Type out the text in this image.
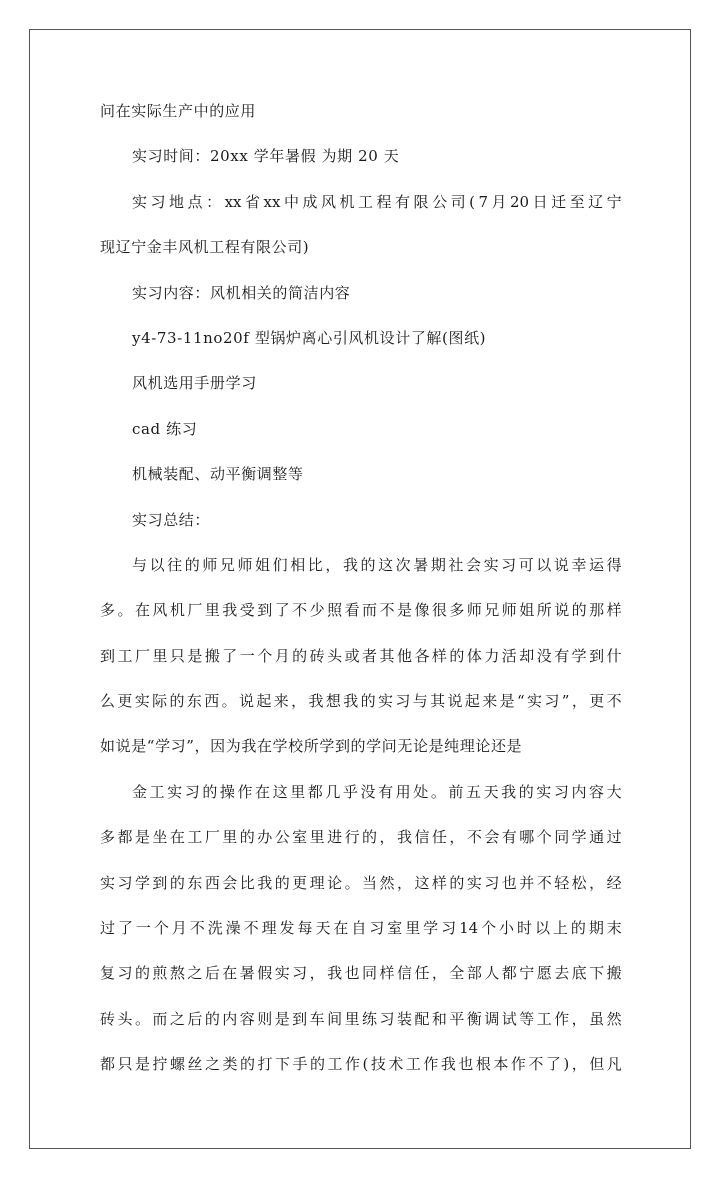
问在实际生产中的应用
实习时间：20xx 学年暑假 为期 20 天
实 习 地 点 ： xx 省 xx 中 成 风 机 工 程 有 限 公 司 ( 7 月 20 日 迁 至 辽 宁
现辽宁金丰风机工程有限公司)
实习内容：风机相关的简洁内容
y4-73-11no20f 型锅炉离心引风机设计了解(图纸)
风机选用手册学习
cad 练习
机械装配、动平衡调整等
实习总结：
与 以 往 的 师 兄 师 姐 们 相 比 ， 我 的 这 次 暑 期 社 会 实 习 可 以 说 幸 运 得
多 。 在 风 机 厂 里 我 受 到 了 不 少 照 看 而 不 是 像 很 多 师 兄 师 姐 所 说 的 那 样
到 工 厂 里 只 是 搬 了 一 个 月 的 砖 头 或 者 其 他 各 样 的 体 力 活 却 没 有 学 到 什
么 更 实 际 的 东 西 。 说 起 来 ， 我 想 我 的 实 习 与 其 说 起 来 是 “ 实 习 ” ， 更 不
如说是“学习”，因为我在学校所学到的学问无论是纯理论还是
金 工 实 习 的 操 作 在 这 里 都 几 乎 没 有 用 处 。 前 五 天 我 的 实 习 内 容 大
多 都 是 坐 在 工 厂 里 的 办 公 室 里 进 行 的 ， 我 信 任 ， 不 会 有 哪 个 同 学 通 过
实 习 学 到 的 东 西 会 比 我 的 更 理 论 。 当 然 ， 这 样 的 实 习 也 并 不 轻 松 ， 经
过 了 一 个 月 不 洗 澡 不 理 发 每 天 在 自 习 室 里 学 习 14 个 小 时 以 上 的 期 末
复 习 的 煎 熬 之 后 在 暑 假 实 习 ， 我 也 同 样 信 任 ， 全 部 人 都 宁 愿 去 底 下 搬
砖 头 。 而 之 后 的 内 容 则 是 到 车 间 里 练 习 装 配 和 平 衡 调 试 等 工 作 ， 虽 然
都 只 是 拧 螺 丝 之 类 的 打 下 手 的 工 作 ( 技 术 工 作 我 也 根 本 作 不 了 ) ， 但 凡
